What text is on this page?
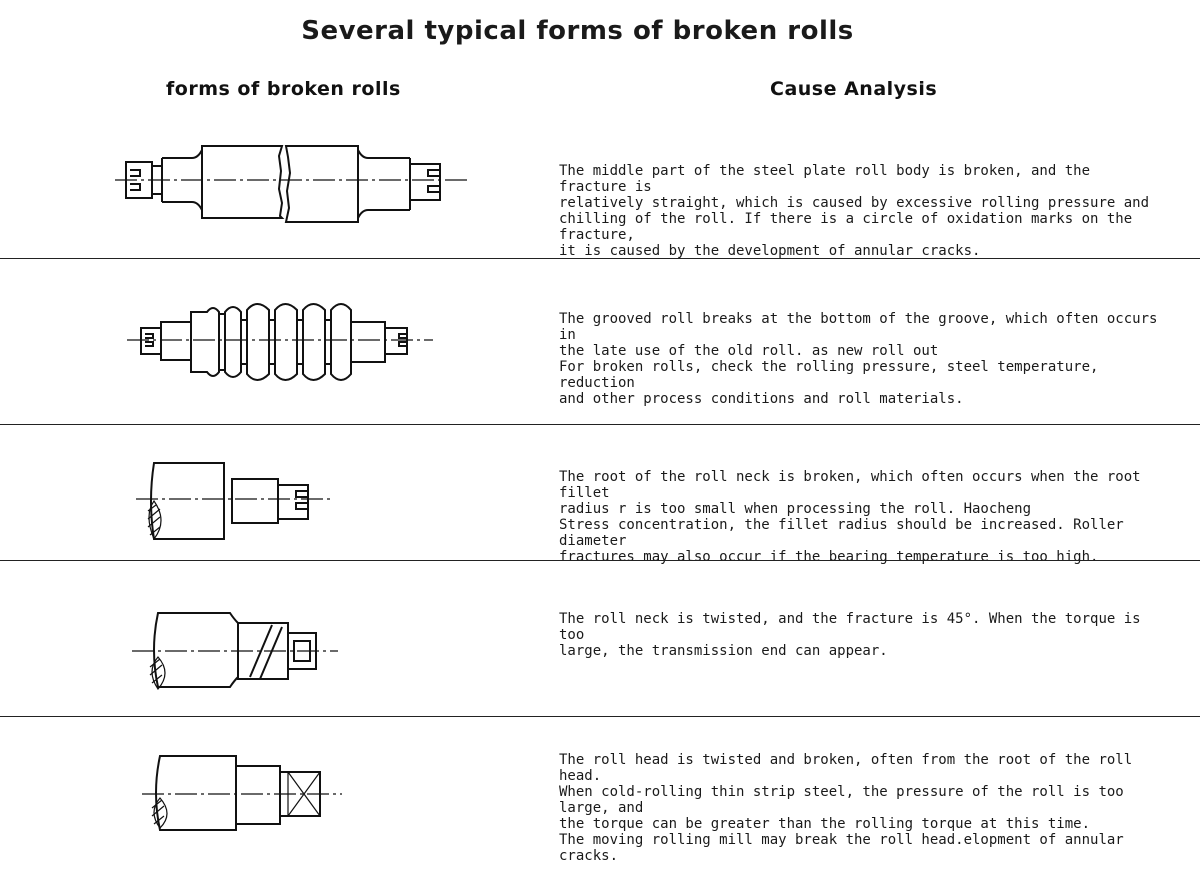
Several typical forms of broken rolls
forms of broken rolls	Cause Analysis
The middle part of the steel plate roll body is broken, and the fracture is
relatively straight, which is caused by excessive rolling pressure and
chilling of the roll. If there is a circle of oxidation marks on the fracture,
it is caused by the development of annular cracks.
The grooved roll breaks at the bottom of the groove, which often occurs in
the late use of the old roll. as new roll out
For broken rolls, check the rolling pressure, steel temperature, reduction
and other process conditions and roll materials.
The root of the roll neck is broken, which often occurs when the root fillet
radius r is too small when processing the roll. Haocheng
Stress concentration, the fillet radius should be increased. Roller diameter
fractures may also occur if the bearing temperature is too high.
The roll neck is twisted, and the fracture is 45°. When the torque is too
large, the transmission end can appear.
The roll head is twisted and broken, often from the root of the roll head.
When cold-rolling thin strip steel, the pressure of the roll is too large, and
the torque can be greater than the rolling torque at this time.
The moving rolling mill may break the roll head.elopment of annular
cracks.
